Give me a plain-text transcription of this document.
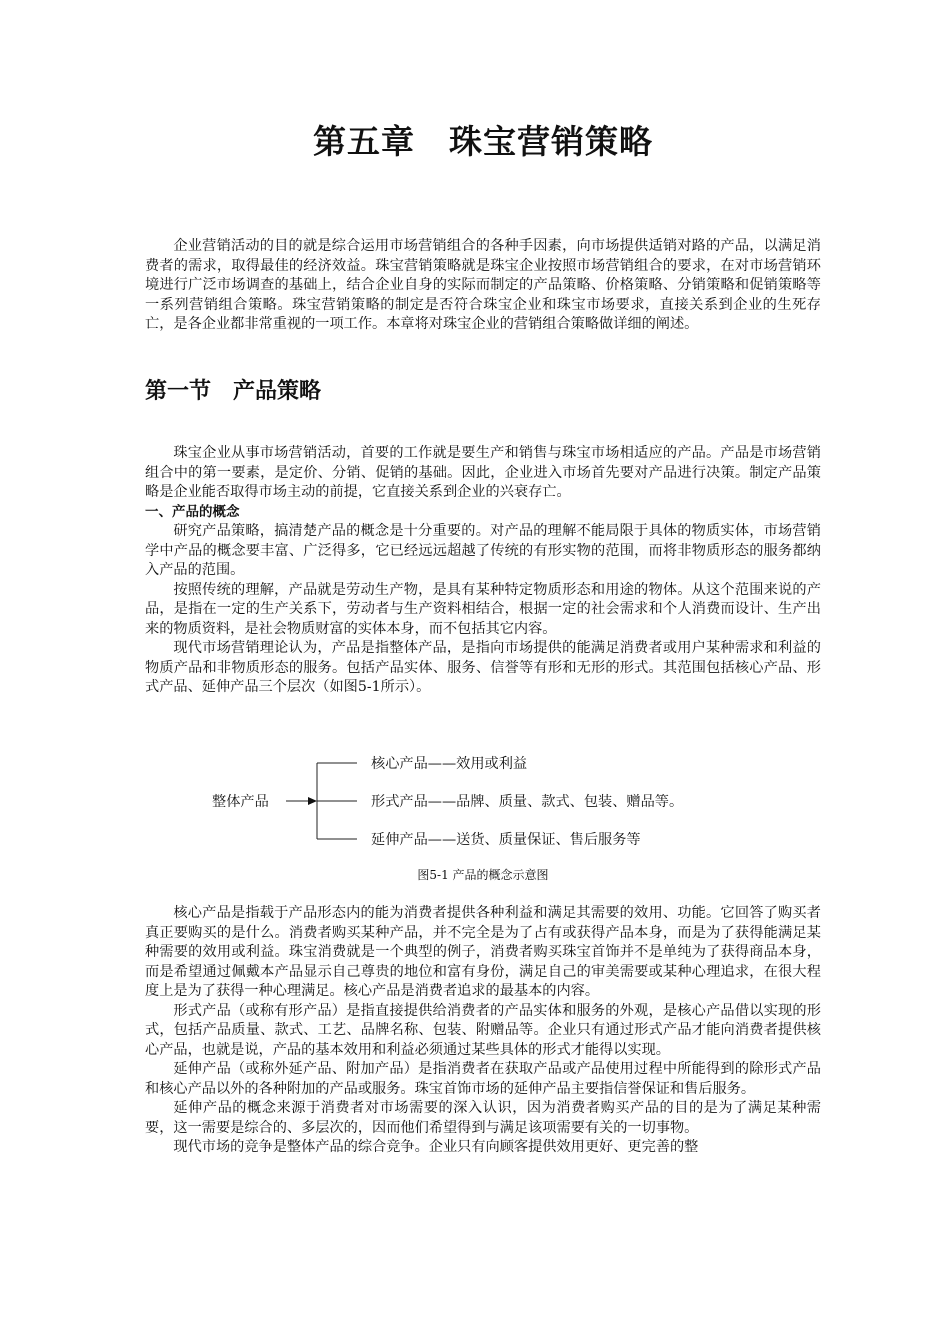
第五章　珠宝营销策略

企业营销活动的目的就是综合运用市场营销组合的各种手因素，向市场提供适销对路的产品，以满足消费者的需求，取得最佳的经济效益。珠宝营销策略就是珠宝企业按照市场营销组合的要求，在对市场营销环境进行广泛市场调查的基础上，结合企业自身的实际而制定的产品策略、价格策略、分销策略和促销策略等一系列营销组合策略。珠宝营销策略的制定是否符合珠宝企业和珠宝市场要求，直接关系到企业的生死存亡，是各企业都非常重视的一项工作。本章将对珠宝企业的营销组合策略做详细的阐述。

第一节　产品策略

珠宝企业从事市场营销活动，首要的工作就是要生产和销售与珠宝市场相适应的产品。产品是市场营销组合中的第一要素，是定价、分销、促销的基础。因此，企业进入市场首先要对产品进行决策。制定产品策略是企业能否取得市场主动的前提，它直接关系到企业的兴衰存亡。

一、产品的概念

研究产品策略，搞清楚产品的概念是十分重要的。对产品的理解不能局限于具体的物质实体，市场营销学中产品的概念要丰富、广泛得多，它已经远远超越了传统的有形实物的范围，而将非物质形态的服务都纳入产品的范围。

按照传统的理解，产品就是劳动生产物，是具有某种特定物质形态和用途的物体。从这个范围来说的产品，是指在一定的生产关系下，劳动者与生产资料相结合，根据一定的社会需求和个人消费而设计、生产出来的物质资料，是社会物质财富的实体本身，而不包括其它内容。

现代市场营销理论认为，产品是指整体产品，是指向市场提供的能满足消费者或用户某种需求和利益的物质产品和非物质形态的服务。包括产品实体、服务、信誉等有形和无形的形式。其范围包括核心产品、形式产品、延伸产品三个层次（如图5-1所示）。

整体产品
核心产品——效用或利益
形式产品——品牌、质量、款式、包装、赠品等。
延伸产品——送货、质量保证、售后服务等
图5-1 产品的概念示意图

核心产品是指载于产品形态内的能为消费者提供各种利益和满足其需要的效用、功能。它回答了购买者真正要购买的是什么。消费者购买某种产品，并不完全是为了占有或获得产品本身，而是为了获得能满足某种需要的效用或利益。珠宝消费就是一个典型的例子，消费者购买珠宝首饰并不是单纯为了获得商品本身，而是希望通过佩戴本产品显示自己尊贵的地位和富有身份，满足自己的审美需要或某种心理追求，在很大程度上是为了获得一种心理满足。核心产品是消费者追求的最基本的内容。

形式产品（或称有形产品）是指直接提供给消费者的产品实体和服务的外观，是核心产品借以实现的形式，包括产品质量、款式、工艺、品牌名称、包装、附赠品等。企业只有通过形式产品才能向消费者提供核心产品，也就是说，产品的基本效用和利益必须通过某些具体的形式才能得以实现。

延伸产品（或称外延产品、附加产品）是指消费者在获取产品或产品使用过程中所能得到的除形式产品和核心产品以外的各种附加的产品或服务。珠宝首饰市场的延伸产品主要指信誉保证和售后服务。

延伸产品的概念来源于消费者对市场需要的深入认识，因为消费者购买产品的目的是为了满足某种需要，这一需要是综合的、多层次的，因而他们希望得到与满足该项需要有关的一切事物。

现代市场的竞争是整体产品的综合竞争。企业只有向顾客提供效用更好、更完善的整
